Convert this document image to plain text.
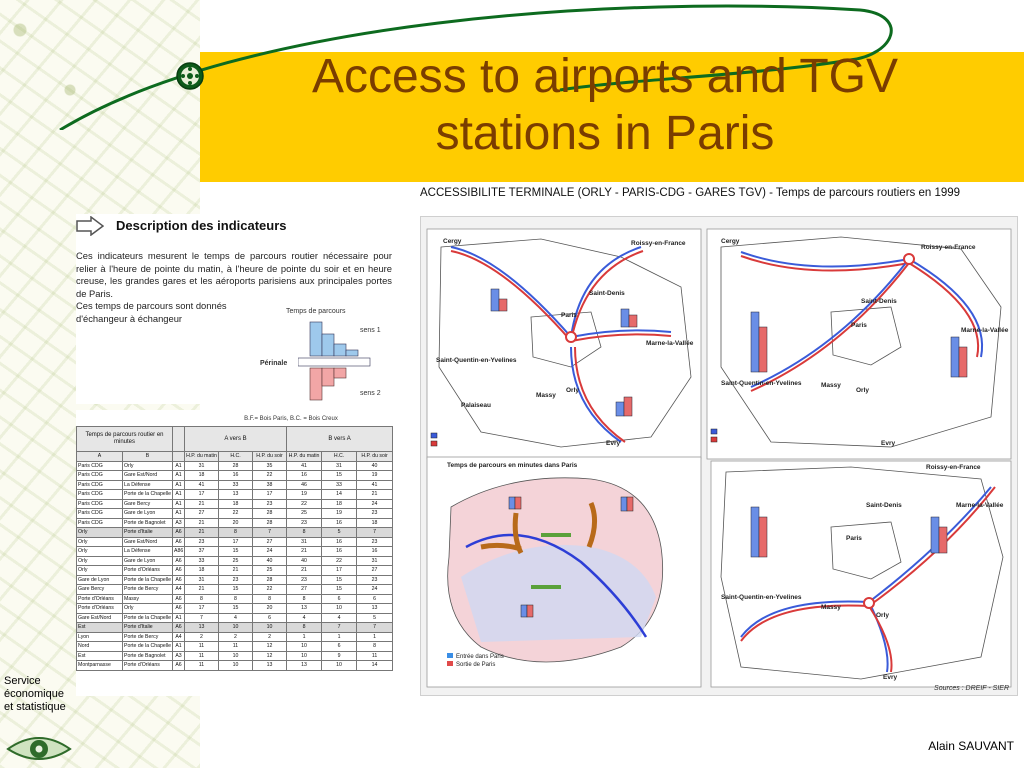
Access to airports and TGV
stations in Paris
ACCESSIBILITE TERMINALE (ORLY - PARIS-CDG - GARES TGV) - Temps de parcours routiers en 1999
Description des indicateurs

Ces indicateurs mesurent le temps de parcours routier nécessaire pour relier à l'heure de pointe du matin, à l'heure de pointe du soir et en heure creuse, les grandes gares et les aéroports parisiens aux principales portes de Paris.

Ces temps de parcours sont donnés d'échangeur à échangeur

Temps de parcours
Périnale
sens 1
sens 2
B.F.= Bois Paris, B.C. = Bois Creux
Temps de parcours routier en minutes			A vers B			B vers A		
A	B		H.P. du matin	H.C.	H.P. du soir	H.P. du matin	H.C.	H.P. du soir
Paris CDG	Orly	A1	31	28	35	41	31	40
Paris CDG	Gare Est/Nord	A1	18	16	22	16	15	19
Paris CDG	La Défense	A1	41	33	38	46	33	41
Paris CDG	Porte de la Chapelle	A1	17	13	17	19	14	21
Paris CDG	Gare Bercy	A1	21	18	23	22	18	24
Paris CDG	Gare de Lyon	A1	27	22	28	25	19	23
Paris CDG	Porte de Bagnolet	A3	21	20	28	23	16	18
Orly	Porte d'Italie	A6	21	8	7	8	5	7
Orly	Gare Est/Nord	A6	23	17	27	31	16	23
Orly	La Défense	A86	37	15	24	21	16	16
Orly	Gare de Lyon	A6	33	25	40	40	22	31
Orly	Porte d'Orléans	A6	18	21	25	21	17	27
Gare de Lyon	Porte de la Chapelle	A6	31	23	28	23	15	23
Gare Bercy	Porte de Bercy	A4	21	15	22	27	15	24
Porte d'Orléans	Massy	A6	8	8	8	8	6	6
Porte d'Orléans	Orly	A6	17	15	20	13	10	13
Gare Est/Nord	Porte de la Chapelle	A1	7	4	6	4	4	5
Est	Porte d'Italie	A6	13	10	10	8	7	7
Lyon	Porte de Bercy	A4	2	2	2	1	1	1
Nord	Porte de la Chapelle	A1	11	11	12	10	6	8
Est	Porte de Bagnolet	A3	11	10	12	10	9	11
Montparnasse	Porte d'Orléans	A6	11	10	13	13	10	14
Paris
Roissy-en-France
Saint-Denis
Marne-la-Vallée
Cergy
Saint-Quentin-en-Yvelines
Orly
Massy
Palaiseau
Evry
Roissy-en-France
Paris
Saint-Denis
Cergy
Marne-la-Vallée
Saint-Quentin-en-Yvelines
Orly
Massy
Evry
Roissy-en-France
Paris
Saint-Denis	Marne-la-Vallée
Saint-Quentin-en-Yvelines
Orly
Massy
Evry
Temps de parcours en minutes dans Paris
Entrée dans Paris
Sortie de Paris
Sources : DREIF - SIER
Service
économique
et statistique
Alain SAUVANT
